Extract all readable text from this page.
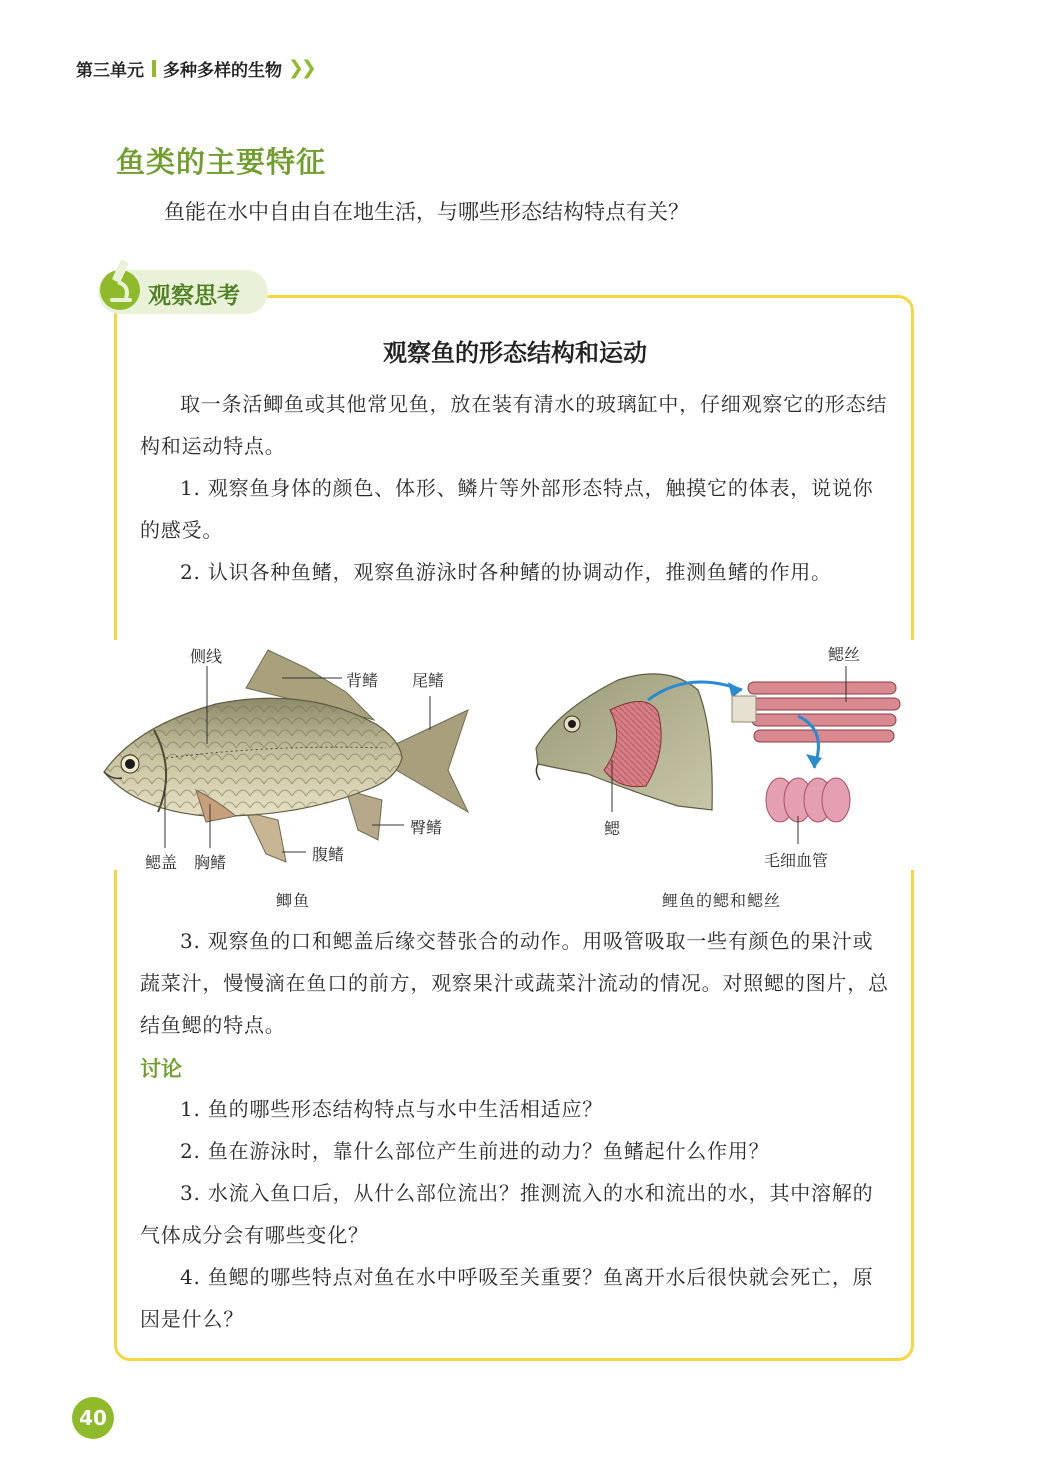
第三单元 多种多样的生物 ❯❯
鱼类的主要特征
鱼能在水中自由自在地生活，与哪些形态结构特点有关？
观察思考
观察鱼的形态结构和运动
取一条活鲫鱼或其他常见鱼，放在装有清水的玻璃缸中，仔细观察它的形态结构和运动特点。
1. 观察鱼身体的颜色、体形、鳞片等外部形态特点，触摸它的体表，说说你的感受。
2. 认识各种鱼鳍，观察鱼游泳时各种鳍的协调动作，推测鱼鳍的作用。
侧线
背鳍 尾鳍
臀鳍
腹鳍
鳃盖 胸鳍
鲫鱼
鳃丝
鳃
毛细血管
鲤鱼的鳃和鳃丝
3. 观察鱼的口和鳃盖后缘交替张合的动作。用吸管吸取一些有颜色的果汁或蔬菜汁，慢慢滴在鱼口的前方，观察果汁或蔬菜汁流动的情况。对照鳃的图片，总结鱼鳃的特点。
讨论
1. 鱼的哪些形态结构特点与水中生活相适应？
2. 鱼在游泳时，靠什么部位产生前进的动力？鱼鳍起什么作用？
3. 水流入鱼口后，从什么部位流出？推测流入的水和流出的水，其中溶解的气体成分会有哪些变化？
4. 鱼鳃的哪些特点对鱼在水中呼吸至关重要？鱼离开水后很快就会死亡，原因是什么？
40
